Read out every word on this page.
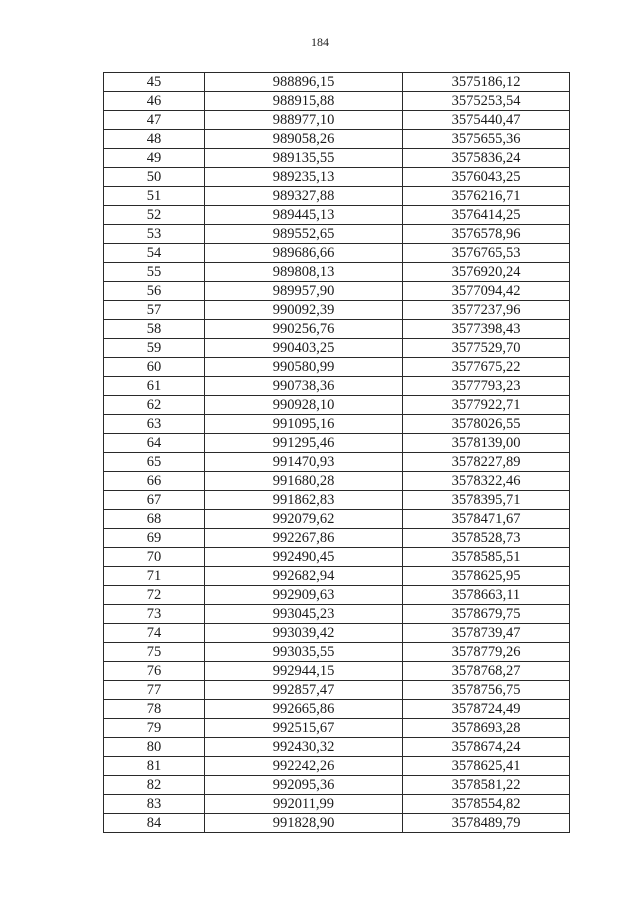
184
45	988896,15	3575186,12
46	988915,88	3575253,54
47	988977,10	3575440,47
48	989058,26	3575655,36
49	989135,55	3575836,24
50	989235,13	3576043,25
51	989327,88	3576216,71
52	989445,13	3576414,25
53	989552,65	3576578,96
54	989686,66	3576765,53
55	989808,13	3576920,24
56	989957,90	3577094,42
57	990092,39	3577237,96
58	990256,76	3577398,43
59	990403,25	3577529,70
60	990580,99	3577675,22
61	990738,36	3577793,23
62	990928,10	3577922,71
63	991095,16	3578026,55
64	991295,46	3578139,00
65	991470,93	3578227,89
66	991680,28	3578322,46
67	991862,83	3578395,71
68	992079,62	3578471,67
69	992267,86	3578528,73
70	992490,45	3578585,51
71	992682,94	3578625,95
72	992909,63	3578663,11
73	993045,23	3578679,75
74	993039,42	3578739,47
75	993035,55	3578779,26
76	992944,15	3578768,27
77	992857,47	3578756,75
78	992665,86	3578724,49
79	992515,67	3578693,28
80	992430,32	3578674,24
81	992242,26	3578625,41
82	992095,36	3578581,22
83	992011,99	3578554,82
84	991828,90	3578489,79
